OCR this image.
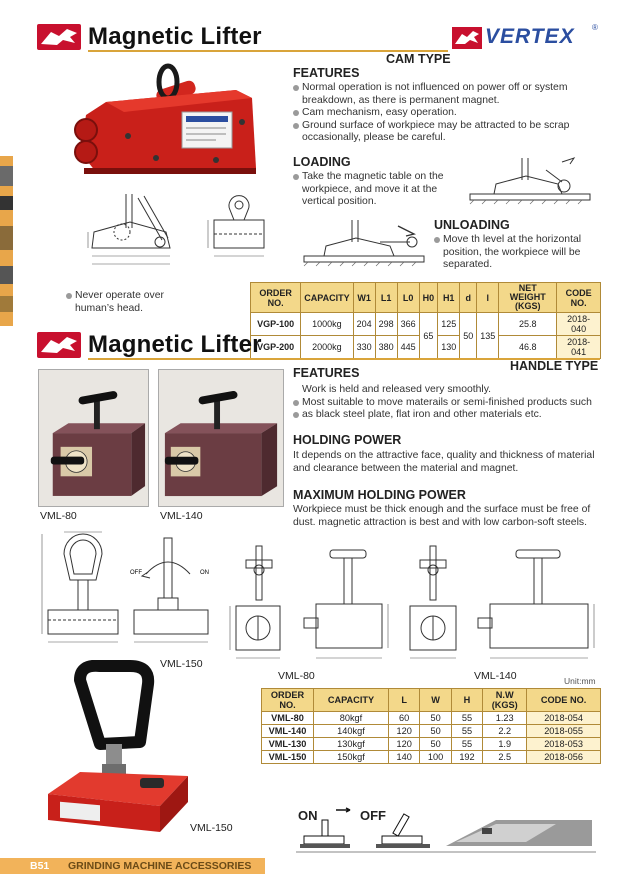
Magnetic Lifter	VERTEX ®
CAM TYPE
FEATURES
Normal operation is not influenced on power off or system breakdown, as there is permanent magnet.
Cam mechanism, easy operation.
Ground surface of workpiece may be attracted to be scrap occasionally, please be careful.
LOADING
Take the magnetic table on the workpiece, and move it at the vertical position.
UNLOADING
Move th level at the horizontal position, the workpiece will be separated.
Never operate over human’s head.
ORDER NO.	CAPACITY	W1	L1	L0	H0	H1	d	l	NET WEIGHT (KGS)	CODE NO.
VGP-100	1000kg	204	298	366	65	125	50	135	25.8	2018-040
VGP-200	2000kg	330	380	445		130			46.8	2018-041
Magnetic Lifter
HANDLE TYPE
VML-80	VML-140
FEATURES
Work is held and released very smoothly.
Most suitable to move materails or semi-finished products such
as black steel plate, flat iron and other materials etc.
HOLDING POWER
It depends on the attractive face, quality and thickness of material and clearance between the material and magnet.
MAXIMUM HOLDING POWER
Workpiece must be thick enough and the surface must be free of dust. magnetic attraction is best and with low carbon-soft steels.
OFF	ON
VML-150
VML-80	VML-140	Unit:mm
VML-150
ORDER NO.	CAPACITY	L	W	H	N.W (KGS)	CODE NO.
VML-80	80kgf	60	50	55	1.23	2018-054
VML-140	140kgf	120	50	55	2.2	2018-055
VML-130	130kgf	120	50	55	1.9	2018-053
VML-150	150kgf	140	100	192	2.5	2018-056
ON	OFF
B51 GRINDING MACHINE ACCESSORIES
